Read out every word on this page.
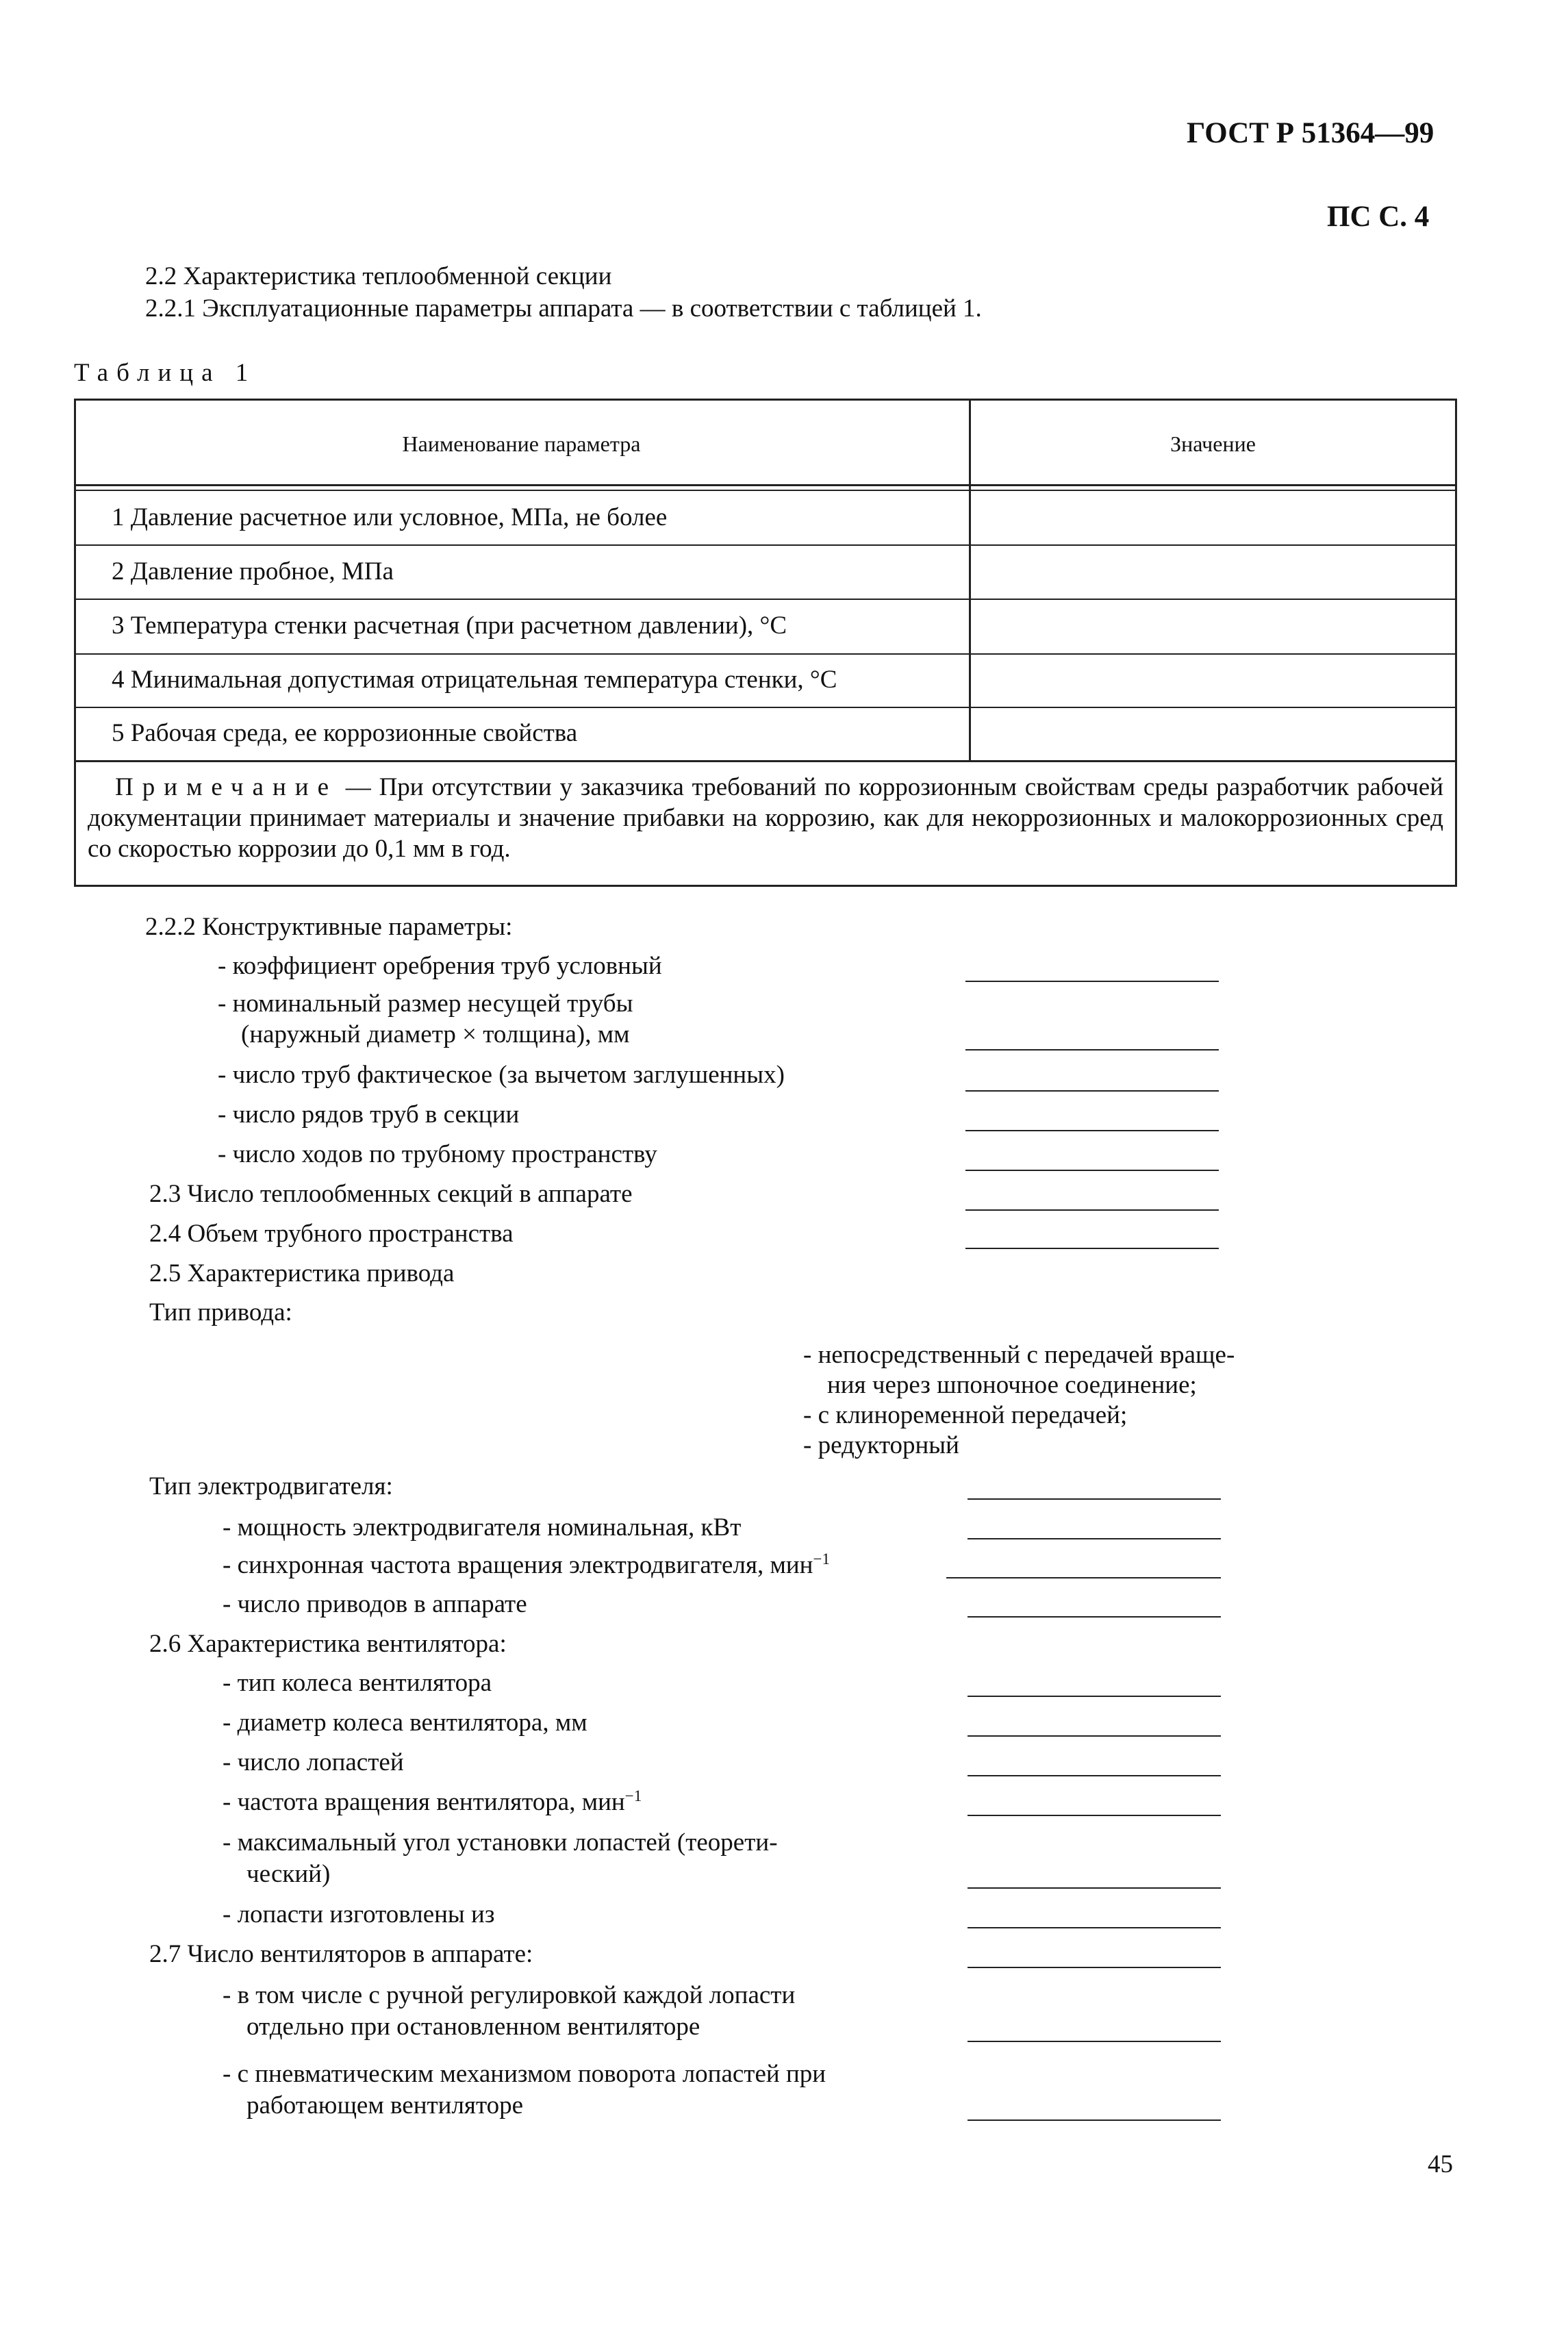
ГОСТ Р 51364—99
ПС С. 4
2.2 Характеристика теплообменной секции
2.2.1 Эксплуатационные параметры аппарата — в соответствии с таблицей 1.
Таблица 1
Наименование параметра	Значение
1 Давление расчетное или условное, МПа, не более
2 Давление пробное, МПа
3 Температура стенки расчетная (при расчетном давлении), °С
4 Минимальная допустимая отрицательная температура стенки, °С
5 Рабочая среда, ее коррозионные свойства
Примечание — При отсутствии у заказчика требований по коррозионным свойствам среды разработчик рабочей документации принимает материалы и значение прибавки на коррозию, как для некоррозионных и малокоррозионных сред со скоростью коррозии до 0,1 мм в год.
2.2.2 Конструктивные параметры:
- коэффициент оребрения труб условный
- номинальный размер несущей трубы
(наружный диаметр × толщина), мм
- число труб фактическое (за вычетом заглушенных)
- число рядов труб в секции
- число ходов по трубному пространству
2.3 Число теплообменных секций в аппарате
2.4 Объем трубного пространства
2.5 Характеристика привода
Тип привода:
- непосредственный с передачей враще-
ния через шпоночное соединение;
- с клиноременной передачей;
- редукторный
Тип электродвигателя:
- мощность электродвигателя номинальная, кВт
- синхронная частота вращения электродвигателя, мин$^{-1}$
- число приводов в аппарате
2.6 Характеристика вентилятора:
- тип колеса вентилятора
- диаметр колеса вентилятора, мм
- число лопастей
- частота вращения вентилятора, мин$^{-1}$
- максимальный угол установки лопастей (теорети-
ческий)
- лопасти изготовлены из
2.7 Число вентиляторов в аппарате:
- в том числе с ручной регулировкой каждой лопасти
отдельно при остановленном вентиляторе
- с пневматическим механизмом поворота лопастей при
работающем вентиляторе
45
